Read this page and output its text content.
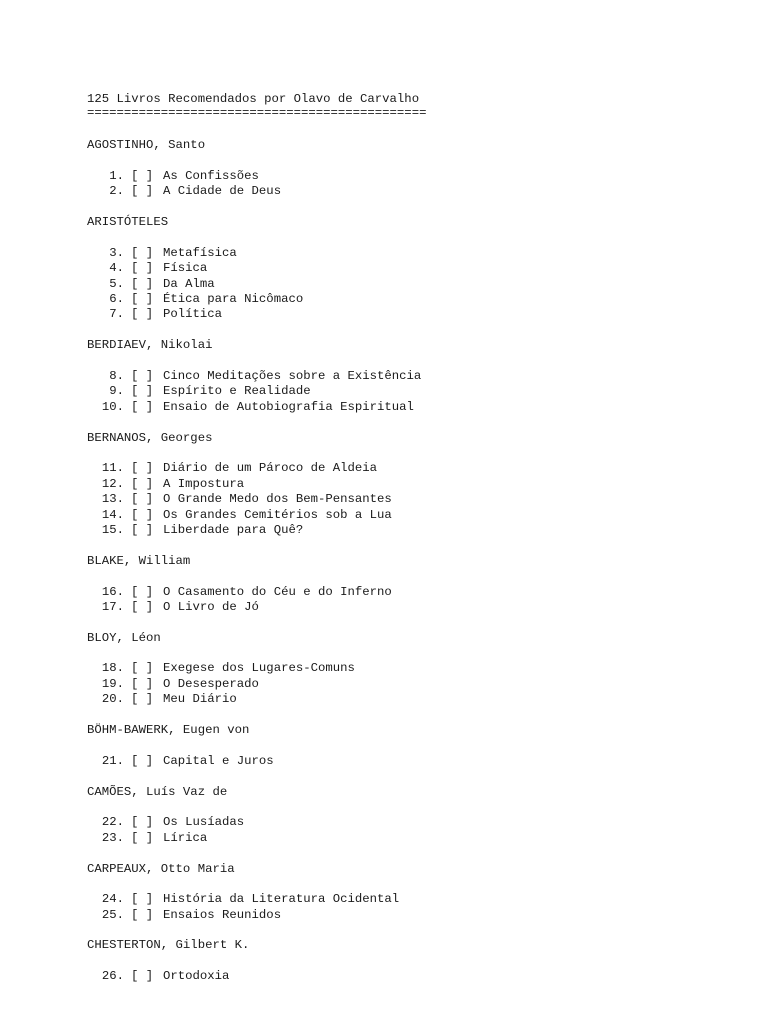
125 Livros Recomendados por Olavo de Carvalho
==============================================
AGOSTINHO, Santo
1. [ ] As Confissões
2. [ ] A Cidade de Deus
ARISTÓTELES
3. [ ] Metafísica
4. [ ] Física
5. [ ] Da Alma
6. [ ] Ética para Nicômaco
7. [ ] Política
BERDIAEV, Nikolai
8. [ ] Cinco Meditações sobre a Existência
9. [ ] Espírito e Realidade
10. [ ] Ensaio de Autobiografia Espiritual
BERNANOS, Georges
11. [ ] Diário de um Pároco de Aldeia
12. [ ] A Impostura
13. [ ] O Grande Medo dos Bem-Pensantes
14. [ ] Os Grandes Cemitérios sob a Lua
15. [ ] Liberdade para Quê?
BLAKE, William
16. [ ] O Casamento do Céu e do Inferno
17. [ ] O Livro de Jó
BLOY, Léon
18. [ ] Exegese dos Lugares-Comuns
19. [ ] O Desesperado
20. [ ] Meu Diário
BÖHM-BAWERK, Eugen von
21. [ ] Capital e Juros
CAMÕES, Luís Vaz de
22. [ ] Os Lusíadas
23. [ ] Lírica
CARPEAUX, Otto Maria
24. [ ] História da Literatura Ocidental
25. [ ] Ensaios Reunidos
CHESTERTON, Gilbert K.
26. [ ] Ortodoxia
